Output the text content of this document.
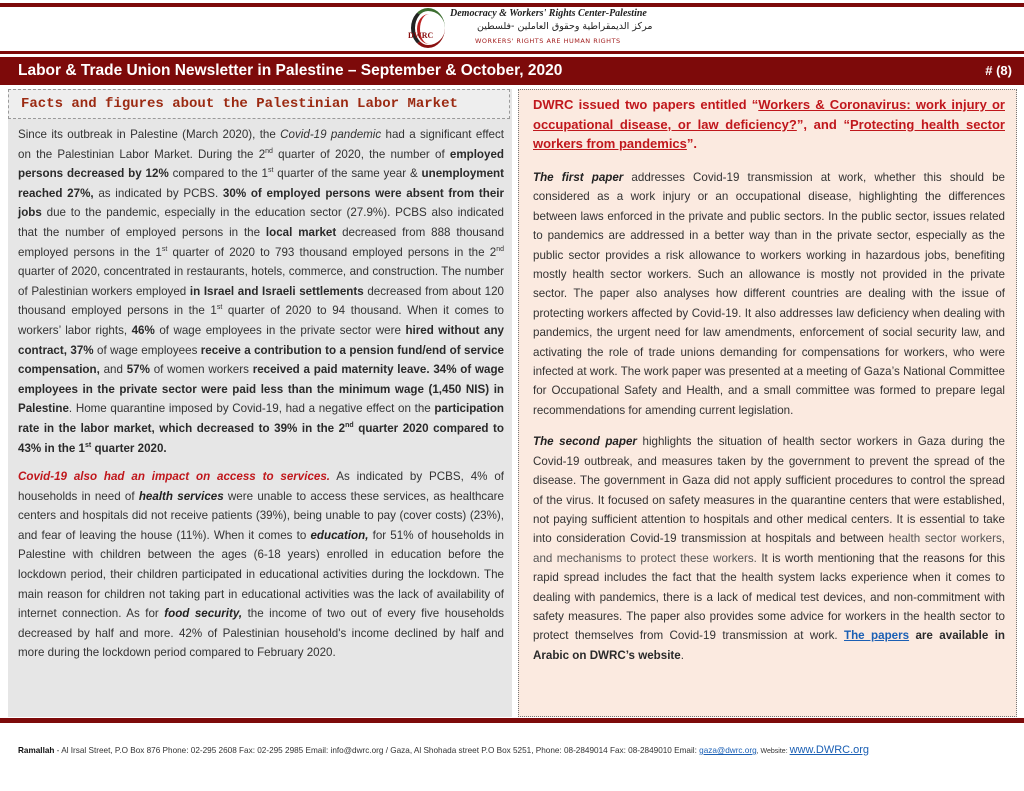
DWRC
Democracy & Workers' Rights Center-Palestine
مركز الديمقراطية وحقوق العاملين -فلسطين
WORKERS' RIGHTS ARE HUMAN RIGHTS
Labor & Trade Union Newsletter in Palestine – September & October, 2020	# (8)
Facts and figures about the Palestinian Labor Market

Since its outbreak in Palestine (March 2020), the Covid-19 pandemic had a significant effect on the Palestinian Labor Market. During the 2nd quarter of 2020, the number of employed persons decreased by 12% compared to the 1st quarter of the same year & unemployment reached 27%, as indicated by PCBS. 30% of employed persons were absent from their jobs due to the pandemic, especially in the education sector (27.9%). PCBS also indicated that the number of employed persons in the local market decreased from 888 thousand employed persons in the 1st quarter of 2020 to 793 thousand employed persons in the 2nd quarter of 2020, concentrated in restaurants, hotels, commerce, and construction. The number of Palestinian workers employed in Israel and Israeli settlements decreased from about 120 thousand employed persons in the 1st quarter of 2020 to 94 thousand. When it comes to workers’ labor rights, 46% of wage employees in the private sector were hired without any contract, 37% of wage employees receive a contribution to a pension fund/end of service compensation, and 57% of women workers received a paid maternity leave. 34% of wage employees in the private sector were paid less than the minimum wage (1,450 NIS) in Palestine. Home quarantine imposed by Covid-19, had a negative effect on the participation rate in the labor market, which decreased to 39% in the 2nd quarter 2020 compared to 43% in the 1st quarter 2020.

Covid-19 also had an impact on access to services. As indicated by PCBS, 4% of households in need of health services were unable to access these services, as healthcare centers and hospitals did not receive patients (39%), being unable to pay (cover costs) (23%), and fear of leaving the house (11%). When it comes to education, for 51% of households in Palestine with children between the ages (6-18 years) enrolled in education before the lockdown period, their children participated in educational activities during the lockdown. The main reason for children not taking part in educational activities was the lack of availability of internet connection. As for food security, the income of two out of every five households decreased by half and more. 42% of Palestinian household's income declined by half and more during the lockdown period compared to February 2020.

DWRC issued two papers entitled “Workers & Coronavirus: work injury or occupational disease, or law deficiency?”, and “Protecting health sector workers from pandemics”.

The first paper addresses Covid-19 transmission at work, whether this should be considered as a work injury or an occupational disease, highlighting the differences between laws enforced in the private and public sectors. In the public sector, issues related to pandemics are addressed in a better way than in the private sector, especially as the public sector provides a risk allowance to workers working in hazardous jobs, benefiting mostly health sector workers. Such an allowance is mostly not provided in the private sector. The paper also analyses how different countries are dealing with the issue of protecting workers affected by Covid-19. It also addresses law deficiency when dealing with pandemics, the urgent need for law amendments, enforcement of social security law, and activating the role of trade unions demanding for compensations for workers, who were infected at work. The work paper was presented at a meeting of Gaza’s National Committee for Occupational Safety and Health, and a small committee was formed to prepare legal recommendations for amending current legislation.

The second paper highlights the situation of health sector workers in Gaza during the Covid-19 outbreak, and measures taken by the government to prevent the spread of the disease. The government in Gaza did not apply sufficient procedures to control the spread of the virus. It focused on safety measures in the quarantine centers that were established, not paying sufficient attention to hospitals and other medical centers. It is essential to take into consideration Covid-19 transmission at hospitals and between health sector workers, and mechanisms to protect these workers. It is worth mentioning that the reasons for this rapid spread includes the fact that the health system lacks experience when it comes to dealing with pandemics, there is a lack of medical test devices, and non-commitment with safety measures. The paper also provides some advice for workers in the health sector to protect themselves from Covid-19 transmission at work. The papers are available in Arabic on DWRC’s website.

Ramallah - Al Irsal Street, P.O Box 876 Phone: 02-295 2608 Fax: 02-295 2985 Email: info@dwrc.org / Gaza, Al Shohada street P.O Box 5251, Phone: 08-2849014 Fax: 08-2849010 Email: gaza@dwrc.org, Website: www.DWRC.org
